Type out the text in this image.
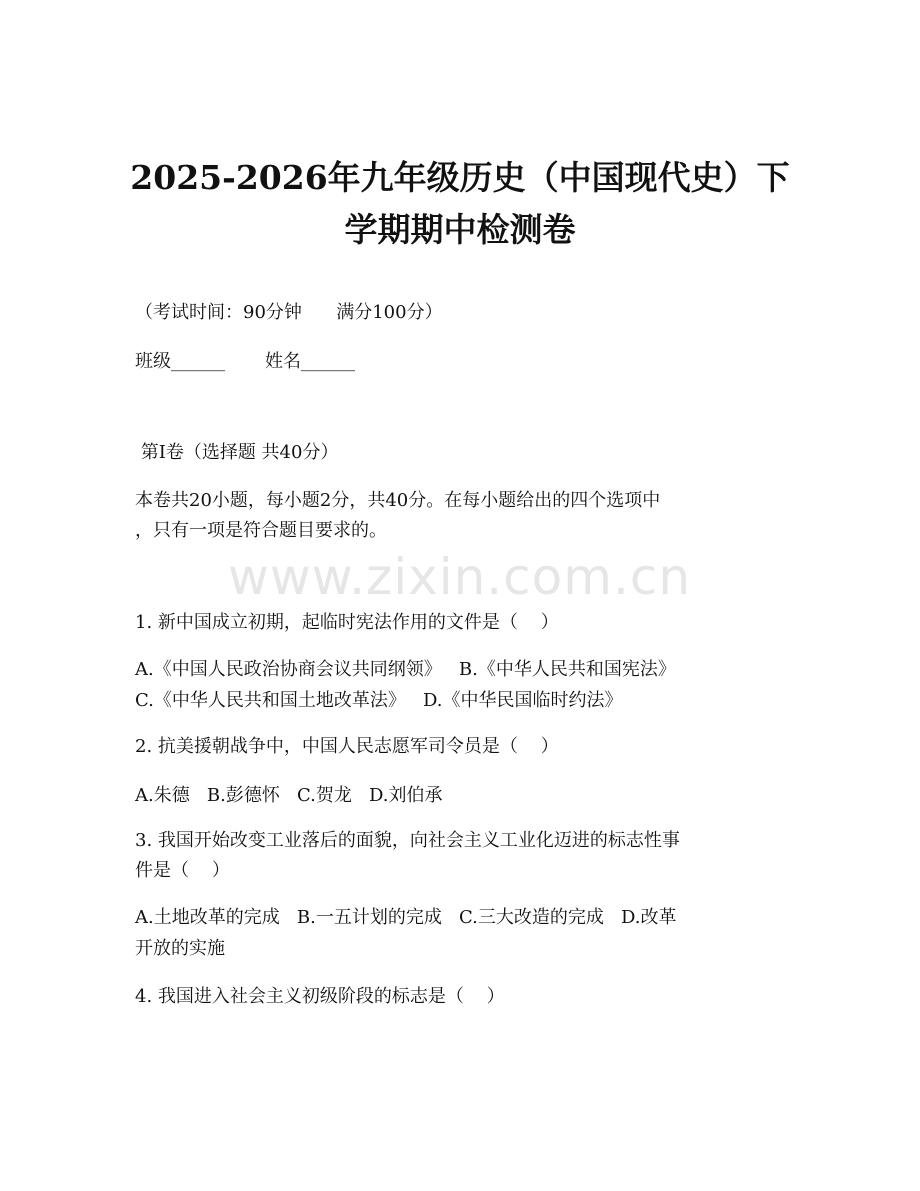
www.zixin.com.cn
2025-2026年九年级历史（中国现代史）下
学期期中检测卷

（考试时间：90分钟      满分100分）

班级______       姓名______

第Ⅰ卷（选择题 共40分）

本卷共20小题，每小题2分，共40分。在每小题给出的四个选项中

，只有一项是符合题目要求的。

1. 新中国成立初期，起临时宪法作用的文件是（    ）

A.《中国人民政治协商会议共同纲领》   B.《中华人民共和国宪法》

C.《中华人民共和国土地改革法》   D.《中华民国临时约法》

2. 抗美援朝战争中，中国人民志愿军司令员是（    ）

A.朱德   B.彭德怀   C.贺龙   D.刘伯承

3. 我国开始改变工业落后的面貌，向社会主义工业化迈进的标志性事

件是（    ）

A.土地改革的完成   B.一五计划的完成   C.三大改造的完成   D.改革

开放的实施

4. 我国进入社会主义初级阶段的标志是（    ）
